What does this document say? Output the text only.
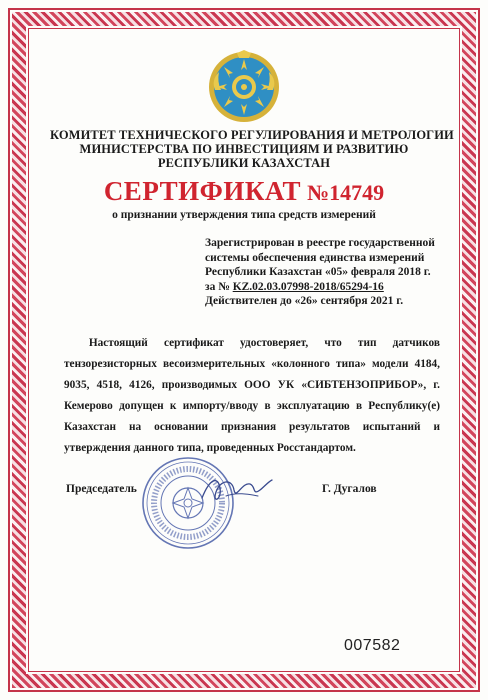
КОМИТЕТ ТЕХНИЧЕСКОГО РЕГУЛИРОВАНИЯ И МЕТРОЛОГИИ
МИНИСТЕРСТВА ПО ИНВЕСТИЦИЯМ И РАЗВИТИЮ
РЕСПУБЛИКИ КАЗАХСТАН
СЕРТИФИКАТ №14749
о признании утверждения типа средств измерений
Зарегистрирован в реестре государственной
системы обеспечения единства измерений
Республики Казахстан «05» февраля 2018 г.
за № KZ.02.03.07998-2018/65294-16
Действителен до «26» сентября 2021 г.
Настоящий сертификат удостоверяет, что тип датчиков тензорезисторных весоизмерительных «колонного типа» модели 4184, 9035, 4518, 4126, производимых ООО УК «СИБТЕНЗОПРИБОР», г. Кемерово допущен к импорту/вводу в эксплуатацию в Республику(е) Казахстан на основании признания результатов испытаний и утверждения данного типа, проведенных Росстандартом.
Председатель	Г. Дугалов
007582
